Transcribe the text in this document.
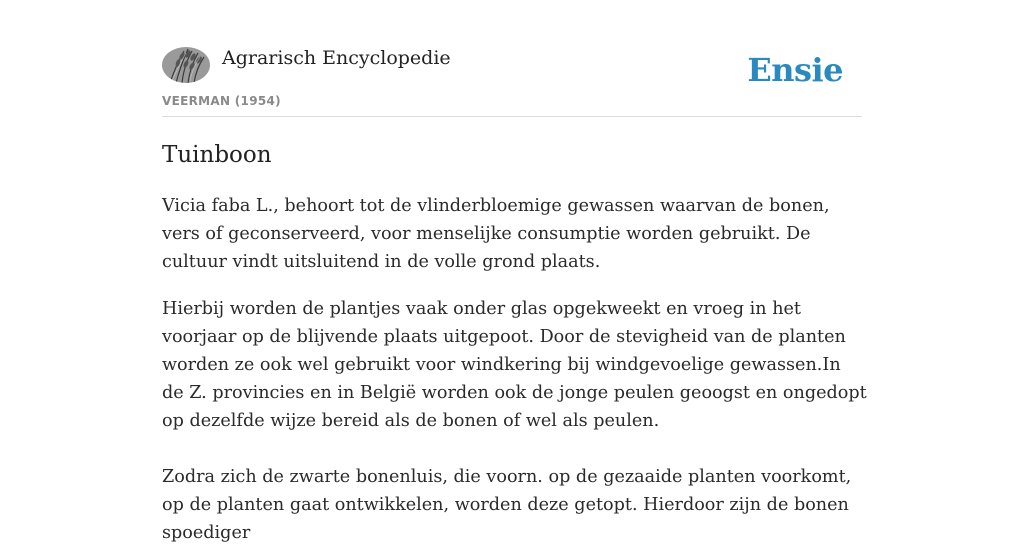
Agrarisch Encyclopedie
VEERMAN (1954)
Ensie
Tuinboon

Vicia faba L., behoort tot de vlinderbloemige gewassen waarvan de bonen, vers of geconserveerd, voor menselijke consumptie worden gebruikt. De cultuur vindt uitsluitend in de volle grond plaats.

Hierbij worden de plantjes vaak onder glas opgekweekt en vroeg in het voorjaar op de blijvende plaats uitgepoot. Door de stevigheid van de planten worden ze ook wel gebruikt voor windkering bij windgevoelige gewassen.In de Z. provincies en in België worden ook de jonge peulen geoogst en ongedopt op dezelfde wijze bereid als de bonen of wel als peulen.

Zodra zich de zwarte bonenluis, die voorn. op de gezaaide planten voorkomt, op de planten gaat ontwikkelen, worden deze getopt. Hierdoor zijn de bonen spoediger
